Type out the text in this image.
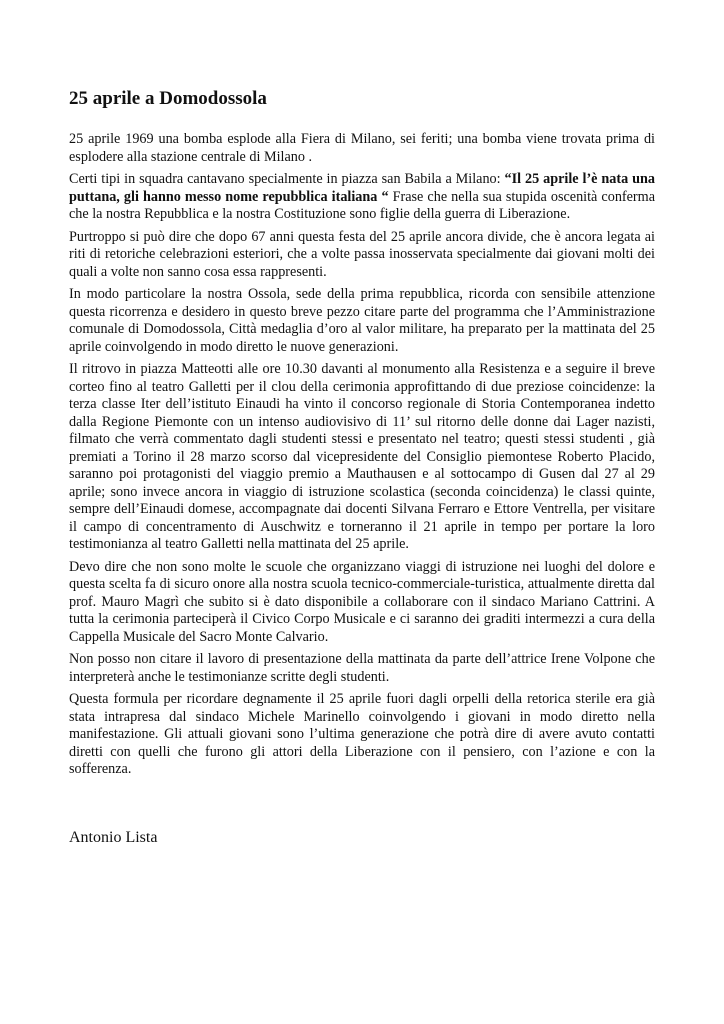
25 aprile a Domodossola

25 aprile 1969 una bomba esplode alla Fiera di Milano, sei feriti; una bomba viene trovata prima di esplodere alla stazione centrale di Milano .

Certi tipi in squadra cantavano specialmente in piazza san Babila a Milano: “Il 25 aprile l’è nata una puttana, gli hanno messo nome repubblica italiana “ Frase che nella sua stupida oscenità conferma che la nostra Repubblica e la nostra Costituzione sono figlie della guerra di Liberazione.

Purtroppo si può dire che dopo 67 anni questa festa del 25 aprile ancora divide, che è ancora legata ai riti di retoriche celebrazioni esteriori, che a volte passa inosservata specialmente dai giovani molti dei quali a volte non sanno cosa essa rappresenti.

In modo particolare la nostra Ossola, sede della prima repubblica, ricorda con sensibile attenzione questa ricorrenza e desidero in questo breve pezzo citare parte del programma che l’Amministrazione comunale di Domodossola, Città medaglia d’oro al valor militare, ha preparato per la mattinata del 25 aprile coinvolgendo in modo diretto le nuove generazioni.

Il ritrovo in piazza Matteotti alle ore 10.30 davanti al monumento alla Resistenza e a seguire il breve corteo fino al teatro Galletti per il clou della cerimonia approfittando di due preziose coincidenze: la terza classe Iter dell’istituto Einaudi ha vinto il concorso regionale di Storia Contemporanea indetto dalla Regione Piemonte con un intenso audiovisivo di 11’ sul ritorno delle donne dai Lager nazisti, filmato che verrà commentato dagli studenti stessi e presentato nel teatro; questi stessi studenti , già premiati a Torino il 28 marzo scorso dal vicepresidente del Consiglio piemontese Roberto Placido, saranno poi protagonisti del viaggio premio a Mauthausen e al sottocampo di Gusen dal 27 al 29 aprile; sono invece ancora in viaggio di istruzione scolastica (seconda coincidenza) le classi quinte, sempre dell’Einaudi domese, accompagnate dai docenti Silvana Ferraro e Ettore Ventrella, per visitare il campo di concentramento di Auschwitz e torneranno il 21 aprile in tempo per portare la loro testimonianza al teatro Galletti nella mattinata del 25 aprile.

Devo dire che non sono molte le scuole che organizzano viaggi di istruzione nei luoghi del dolore e questa scelta fa di sicuro onore alla nostra scuola tecnico-commerciale-turistica, attualmente diretta dal prof. Mauro Magrì che subito si è dato disponibile a collaborare con il sindaco Mariano Cattrini. A tutta la cerimonia parteciperà il Civico Corpo Musicale e ci saranno dei graditi intermezzi a cura della Cappella Musicale del Sacro Monte Calvario.

Non posso non citare il lavoro di presentazione della mattinata da parte dell’attrice Irene Volpone che interpreterà anche le testimonianze scritte degli studenti.

Questa formula per ricordare degnamente il 25 aprile fuori dagli orpelli della retorica sterile era già stata intrapresa dal sindaco Michele Marinello coinvolgendo i giovani in modo diretto nella manifestazione. Gli attuali giovani sono l’ultima generazione che potrà dire di avere avuto contatti diretti con quelli che furono gli attori della Liberazione con il pensiero, con l’azione e con la sofferenza.

Antonio Lista
